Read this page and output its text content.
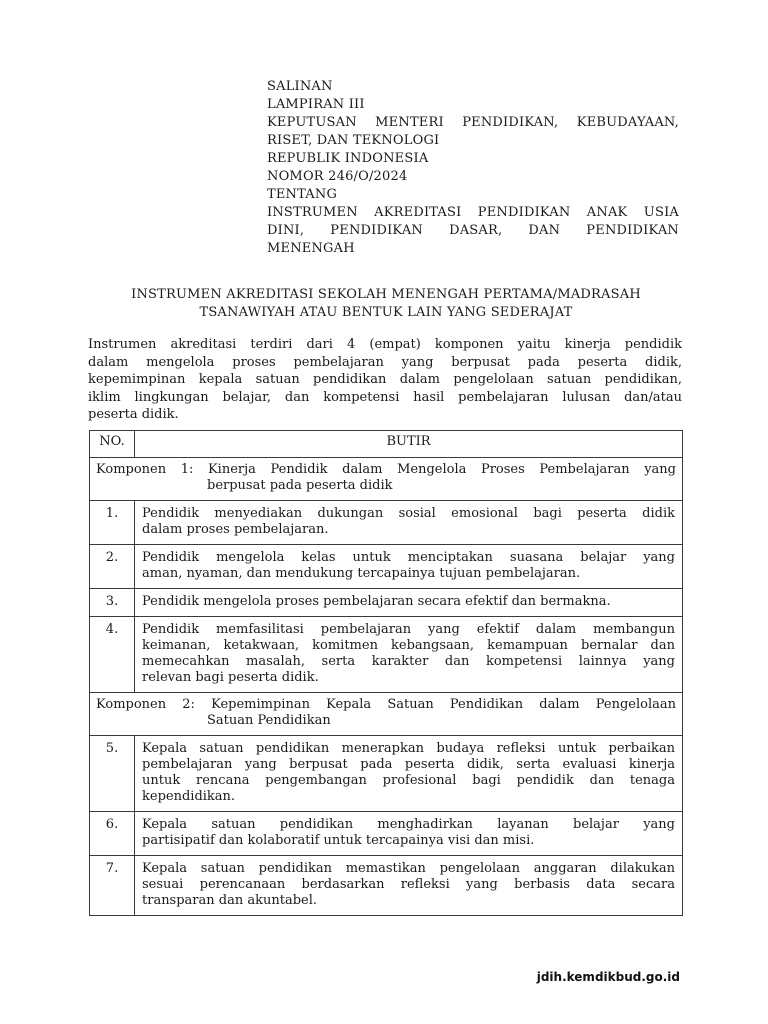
SALINAN
LAMPIRAN III
KEPUTUSAN MENTERI PENDIDIKAN, KEBUDAYAAN,
RISET, DAN TEKNOLOGI
REPUBLIK INDONESIA
NOMOR 246/O/2024
TENTANG
INSTRUMEN AKREDITASI PENDIDIKAN ANAK USIA
DINI, PENDIDIKAN DASAR, DAN PENDIDIKAN
MENENGAH
INSTRUMEN AKREDITASI SEKOLAH MENENGAH PERTAMA/MADRASAH
TSANAWIYAH ATAU BENTUK LAIN YANG SEDERAJAT
Instrumen akreditasi terdiri dari 4 (empat) komponen yaitu kinerja pendidik
dalam mengelola proses pembelajaran yang berpusat pada peserta didik,
kepemimpinan kepala satuan pendidikan dalam pengelolaan satuan pendidikan,
iklim lingkungan belajar, dan kompetensi hasil pembelajaran lulusan dan/atau
peserta didik.
NO.	BUTIR

Komponen 1: Kinerja Pendidik dalam Mengelola Proses Pembelajaran yang
berpusat pada peserta didik	

1.	Pendidik menyediakan dukungan sosial emosional bagi peserta didik
dalam proses pembelajaran.

2.	Pendidik mengelola kelas untuk menciptakan suasana belajar yang
aman, nyaman, dan mendukung tercapainya tujuan pembelajaran.

3.	Pendidik mengelola proses pembelajaran secara efektif dan bermakna.

4.	Pendidik memfasilitasi pembelajaran yang efektif dalam membangun
keimanan, ketakwaan, komitmen kebangsaan, kemampuan bernalar dan
memecahkan masalah, serta karakter dan kompetensi lainnya yang
relevan bagi peserta didik.

Komponen 2: Kepemimpinan Kepala Satuan Pendidikan dalam Pengelolaan
Satuan Pendidikan	

5.	Kepala satuan pendidikan menerapkan budaya refleksi untuk perbaikan
pembelajaran yang berpusat pada peserta didik, serta evaluasi kinerja
untuk rencana pengembangan profesional bagi pendidik dan tenaga
kependidikan.

6.	Kepala satuan pendidikan menghadirkan layanan belajar yang
partisipatif dan kolaboratif untuk tercapainya visi dan misi.

7.	Kepala satuan pendidikan memastikan pengelolaan anggaran dilakukan
sesuai perencanaan berdasarkan refleksi yang berbasis data secara
transparan dan akuntabel.
jdih.kemdikbud.go.id
